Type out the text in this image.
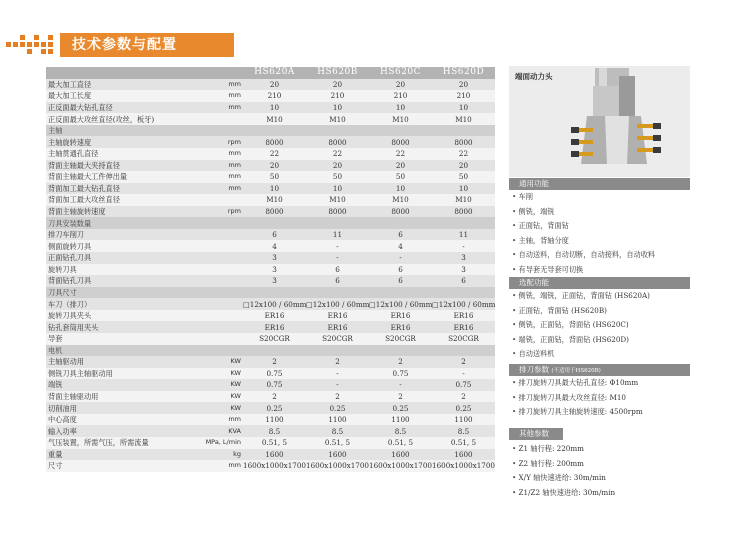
技术参数与配置
		HS620A	HS620B	HS620C	HS620D
最大加工直径	mm	20	20	20	20
最大加工长度	mm	210	210	210	210
正反面最大钻孔直径	mm	10	10	10	10
正反面最大攻丝直径(攻丝，板牙)		M10	M10	M10	M10
主轴					
主轴旋转速度	rpm	8000	8000	8000	8000
主轴贯通孔直径	mm	22	22	22	22
背面主轴最大夹持直径	mm	20	20	20	20
背面主轴最大工件伸出量	mm	50	50	50	50
背面加工最大钻孔直径	mm	10	10	10	10
背面加工最大攻丝直径		M10	M10	M10	M10
背面主轴旋转速度	rpm	8000	8000	8000	8000
刀具安装数量					
排刀车削刀		6	11	6	11
侧面旋转刀具		4	-	4	-
正面钻孔刀具		3	-	-	3
旋转刀具		3	6	6	3
背面钻孔刀具		3	6	6	6
刀具尺寸					
车刀（排刀）		□12x100 / 60mm	□12x100 / 60mm	□12x100 / 60mm	□12x100 / 60mm
旋转刀具夹头		ER16	ER16	ER16	ER16
钻孔套筒用夹头		ER16	ER16	ER16	ER16
导套		S20CGR	S20CGR	S20CGR	S20CGR
电机					
主轴驱动用	KW	2	2	2	2
侧铣刀具主轴驱动用	KW	0.75	-	0.75	-
端铣	KW	0.75	-	-	0.75
背面主轴驱动用	KW	2	2	2	2
切削油用	KW	0.25	0.25	0.25	0.25
中心高度	mm	1100	1100	1100	1100
输入功率	KVA	8.5	8.5	8.5	8.5
气压装置，所需气压，所需流量	MPa, L/min	0.51, 5	0.51, 5	0.51, 5	0.51, 5
重量	kg	1600	1600	1600	1600
尺寸	mm	1600x1000x1700	1600x1000x1700	1600x1000x1700	1600x1000x1700
端面动力头
通用功能
• 车削
• 侧铣，端铣
• 正面钻，背面钻
• 主轴，背轴分度
• 自动送料，自动切断，自动接料，自动收料
• 有导套无导套可切换
选配功能
• 侧铣，端铣，正面钻，背面钻 (HS620A)
• 正面钻，背面钻 (HS620B)
• 侧铣，正面钻，背面钻 (HS620C)
• 端铣，正面钻，背面钻 (HS620D)
• 自动送料机
排刀参数 (不适用于HS620B)
• 排刀旋转刀具最大钻孔直径: Φ10mm
• 排刀旋转刀具最大攻丝直径: M10
• 排刀旋转刀具主轴旋转速度: 4500rpm
其他参数
• Z1 轴行程: 220mm
• Z2 轴行程: 200mm
• X/Y 轴快速进给: 30m/min
• Z1/Z2 轴快速进给: 30m/min
